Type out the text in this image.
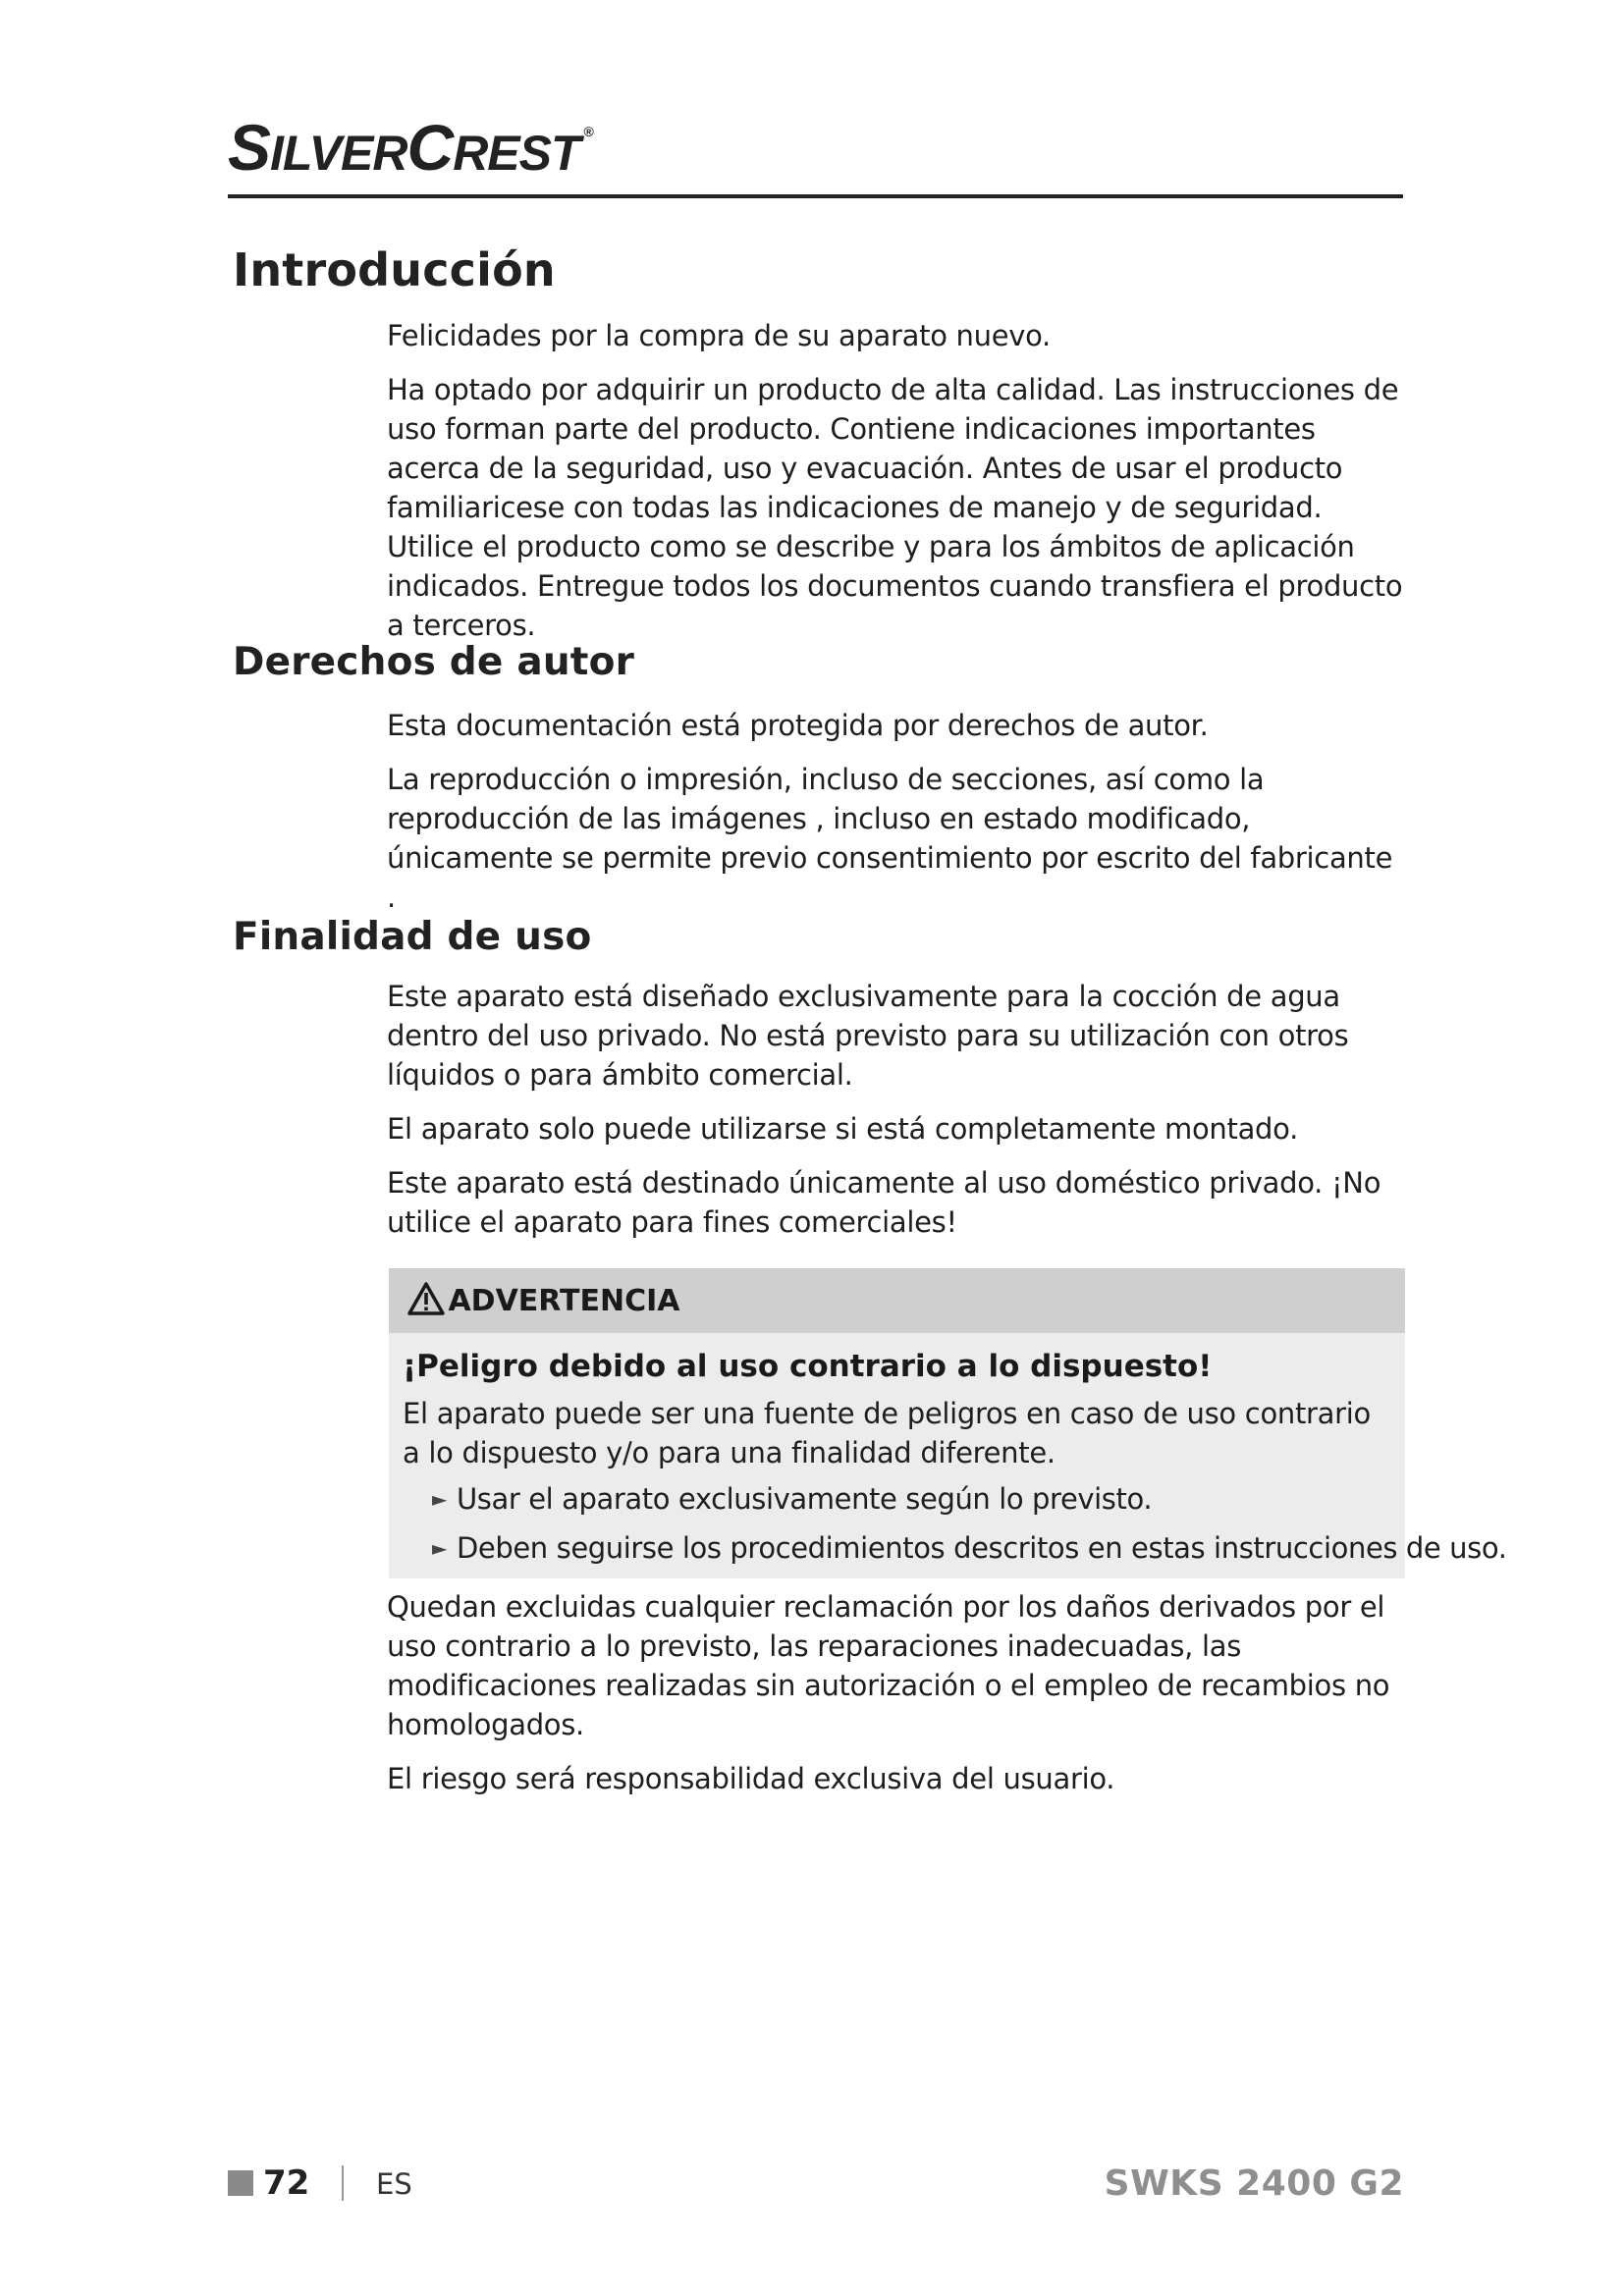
SILVERCREST ®
Introducción

Felicidades por la compra de su aparato nuevo.

Ha optado por adquirir un producto de alta calidad. Las instrucciones de uso forman parte del producto. Contiene indicaciones importantes acerca de la seguridad, uso y evacuación. Antes de usar el producto familiaricese con todas las indicaciones de manejo y de seguridad. Utilice el producto como se describe y para los ámbitos de aplicación indicados. Entregue todos los documentos cuando transfiera el producto a terceros.

Derechos de autor

Esta documentación está protegida por derechos de autor.

La reproducción o impresión, incluso de secciones, así como la reproducción de las imágenes , incluso en estado modificado, únicamente se permite previo consentimiento por escrito del fabricante .

Finalidad de uso

Este aparato está diseñado exclusivamente para la cocción de agua dentro del uso privado. No está previsto para su utilización con otros líquidos o para ámbito comercial.

El aparato solo puede utilizarse si está completamente montado.

Este aparato está destinado únicamente al uso doméstico privado. ¡No utilice el aparato para fines comerciales!

ADVERTENCIA
¡Peligro debido al uso contrario a lo dispuesto!
El aparato puede ser una fuente de peligros en caso de uso contrario a lo dispuesto y/o para una finalidad diferente.
► Usar el aparato exclusivamente según lo previsto.
► Deben seguirse los procedimientos descritos en estas instrucciones de uso.

Quedan excluidas cualquier reclamación por los daños derivados por el uso contrario a lo previsto, las reparaciones inadecuadas, las modificaciones realizadas sin autorización o el empleo de recambios no homologados.

El riesgo será responsabilidad exclusiva del usuario.

72 ES	SWKS 2400 G2
